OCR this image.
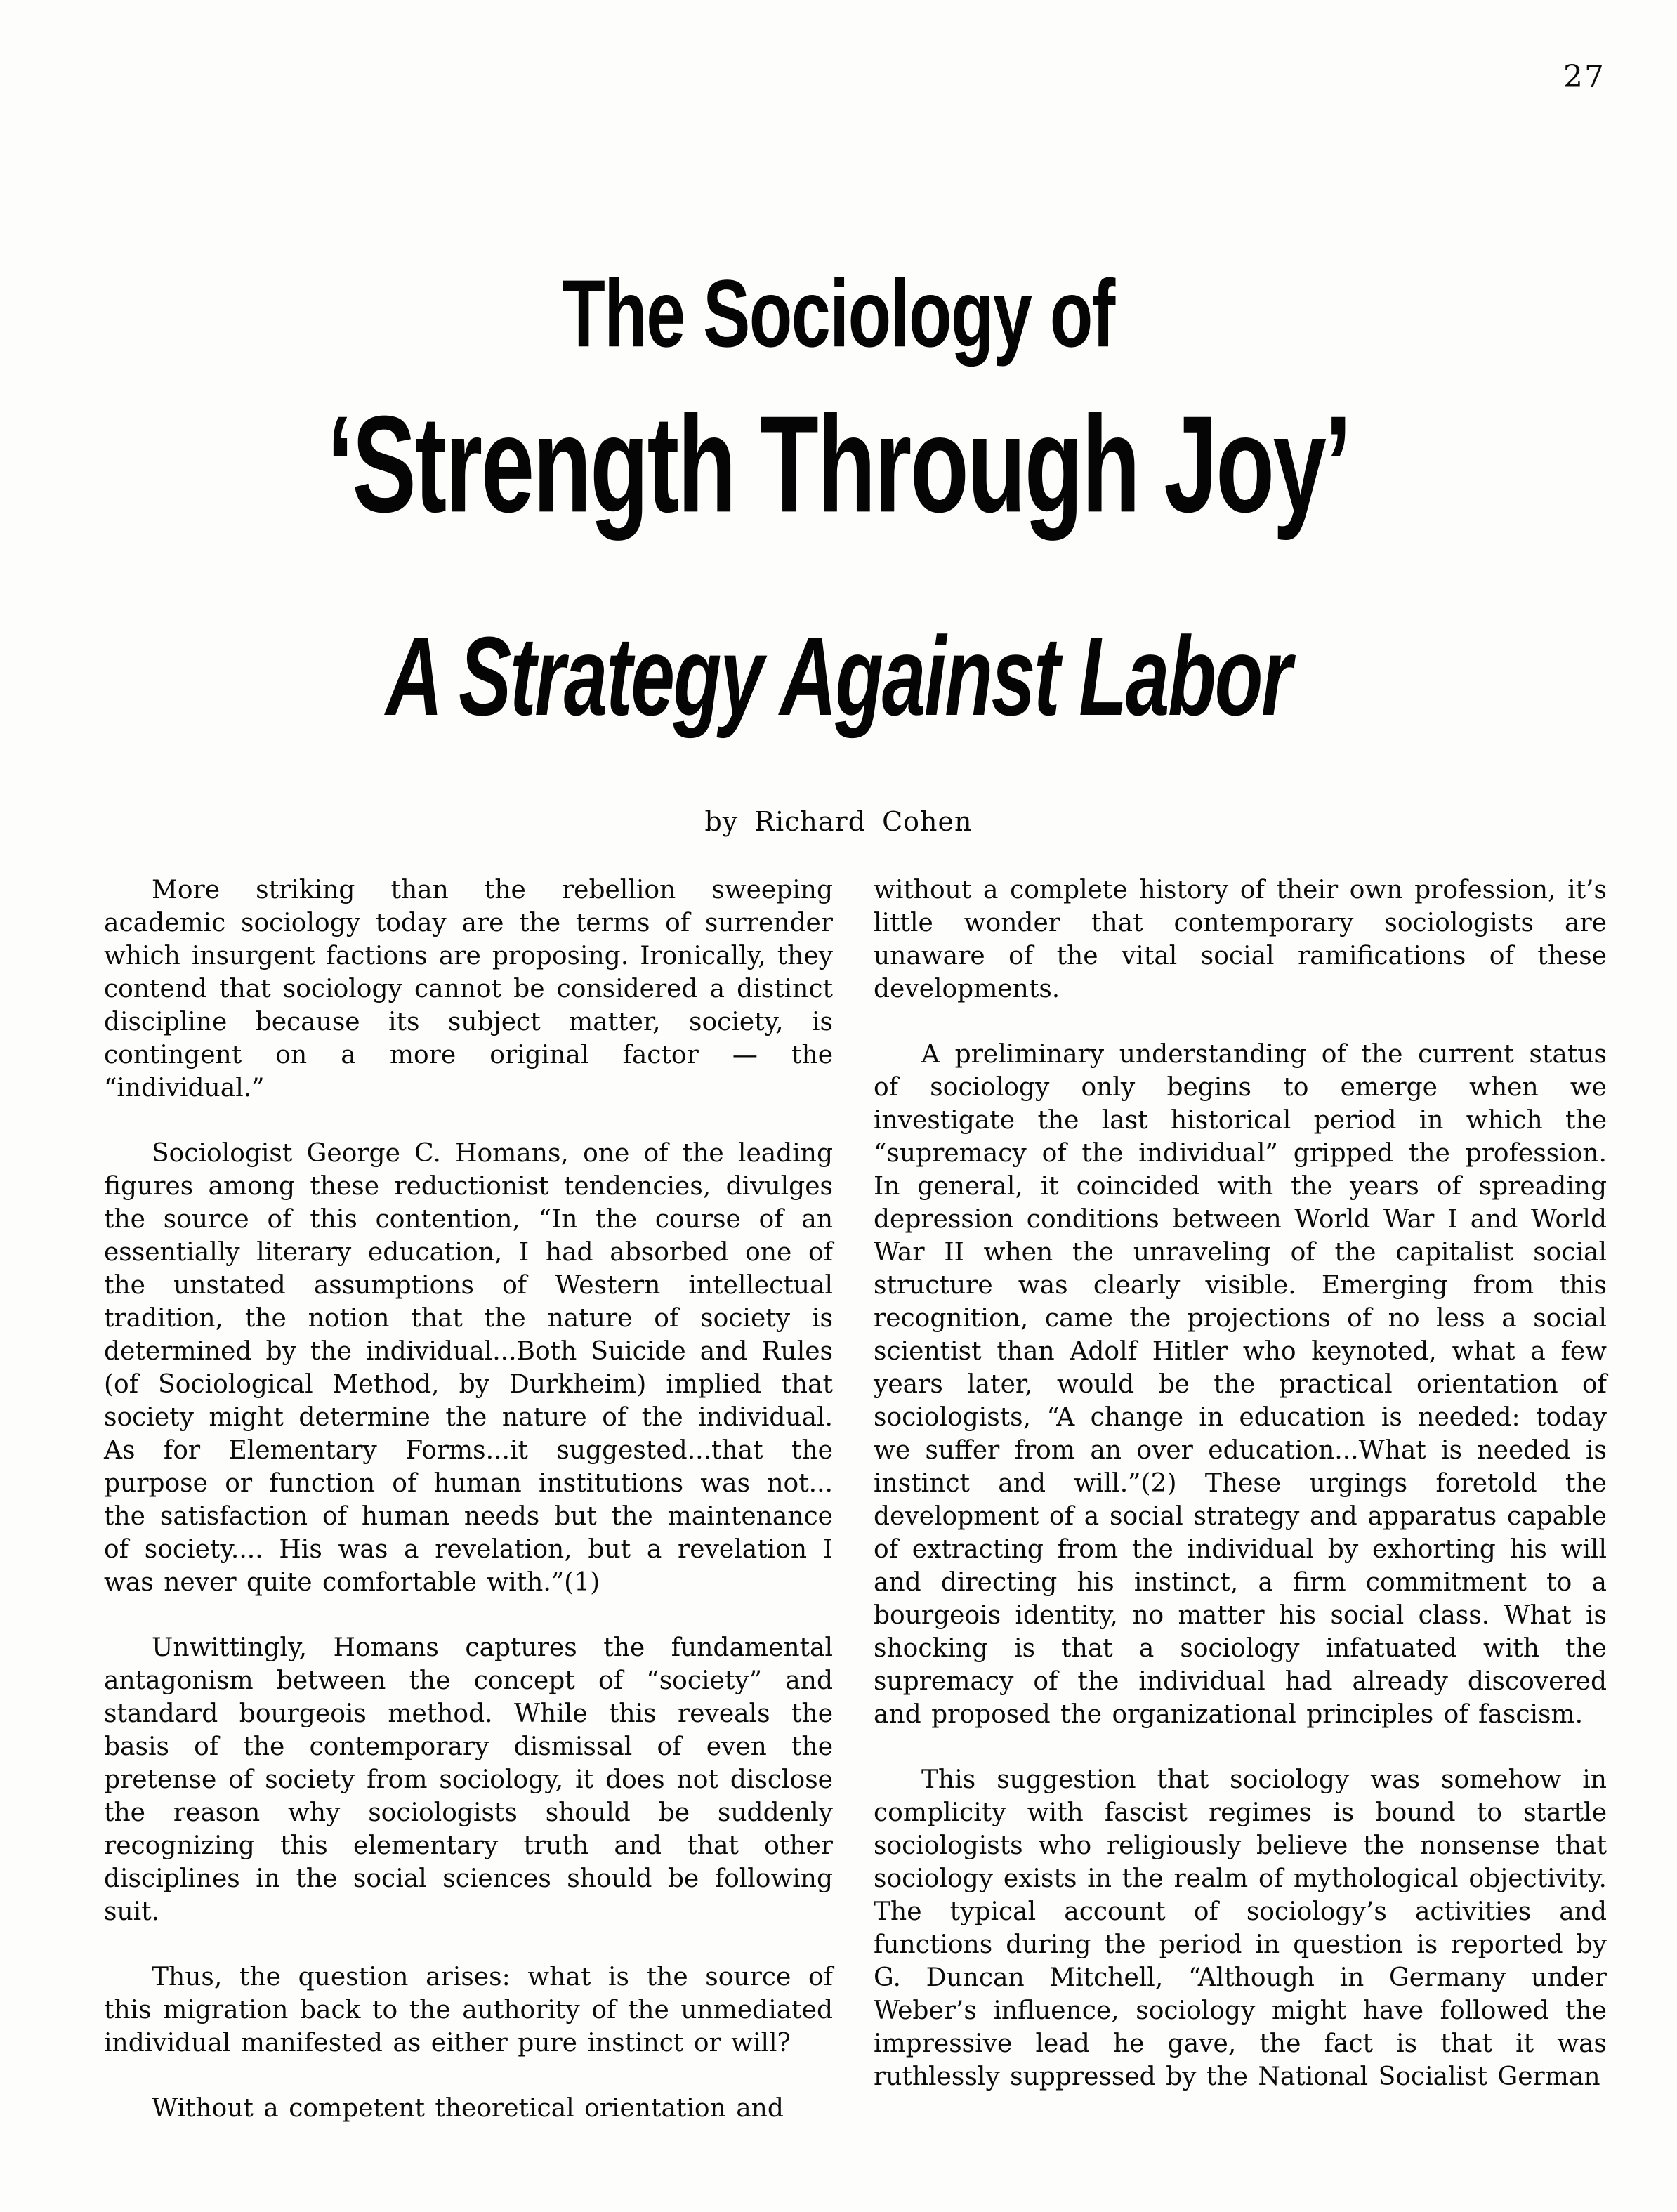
27
The Sociology of
‘Strength Through Joy’
A Strategy Against Labor
by Richard Cohen

More striking than the rebellion sweeping academic sociology today are the terms of surrender which insurgent factions are proposing. Ironically, they contend that sociology cannot be considered a distinct discipline because its subject matter, society, is contingent on a more original factor — the “individual.”

Sociologist George C. Homans, one of the leading figures among these reductionist tendencies, divulges the source of this contention, “In the course of an essentially literary education, I had absorbed one of the unstated assumptions of Western intellectual tradition, the notion that the nature of society is determined by the individual...Both Suicide and Rules (of Sociological Method, by Durkheim) implied that society might determine the nature of the individual. As for Elementary Forms...it suggested...that the purpose or function of human institutions was not... the satisfaction of human needs but the maintenance of society.... His was a revelation, but a revelation I was never quite comfortable with.”(1)

Unwittingly, Homans captures the fundamental antagonism between the concept of “society” and standard bourgeois method. While this reveals the basis of the contemporary dismissal of even the pretense of society from sociology, it does not disclose the reason why sociologists should be suddenly recognizing this elementary truth and that other disciplines in the social sciences should be following suit.

Thus, the question arises: what is the source of this migration back to the authority of the unmediated individual manifested as either pure instinct or will?

Without a competent theoretical orientation and

without a complete history of their own profession, it’s little wonder that contemporary sociologists are unaware of the vital social ramifications of these developments.

A preliminary understanding of the current status of sociology only begins to emerge when we investigate the last historical period in which the “supremacy of the individual” gripped the profession. In general, it coincided with the years of spreading depression conditions between World War I and World War II when the unraveling of the capitalist social structure was clearly visible. Emerging from this recognition, came the projections of no less a social scientist than Adolf Hitler who keynoted, what a few years later, would be the practical orientation of sociologists, “A change in education is needed: today we suffer from an over education...What is needed is instinct and will.”(2) These urgings foretold the development of a social strategy and apparatus capable of extracting from the individual by exhorting his will and directing his instinct, a firm commitment to a bourgeois identity, no matter his social class. What is shocking is that a sociology infatuated with the supremacy of the individual had already discovered and proposed the organizational principles of fascism.

This suggestion that sociology was somehow in complicity with fascist regimes is bound to startle sociologists who religiously believe the nonsense that sociology exists in the realm of mythological objectivity. The typical account of sociology’s activities and functions during the period in question is reported by G. Duncan Mitchell, “Although in Germany under Weber’s influence, sociology might have followed the impressive lead he gave, the fact is that it was ruthlessly suppressed by the National Socialist German
